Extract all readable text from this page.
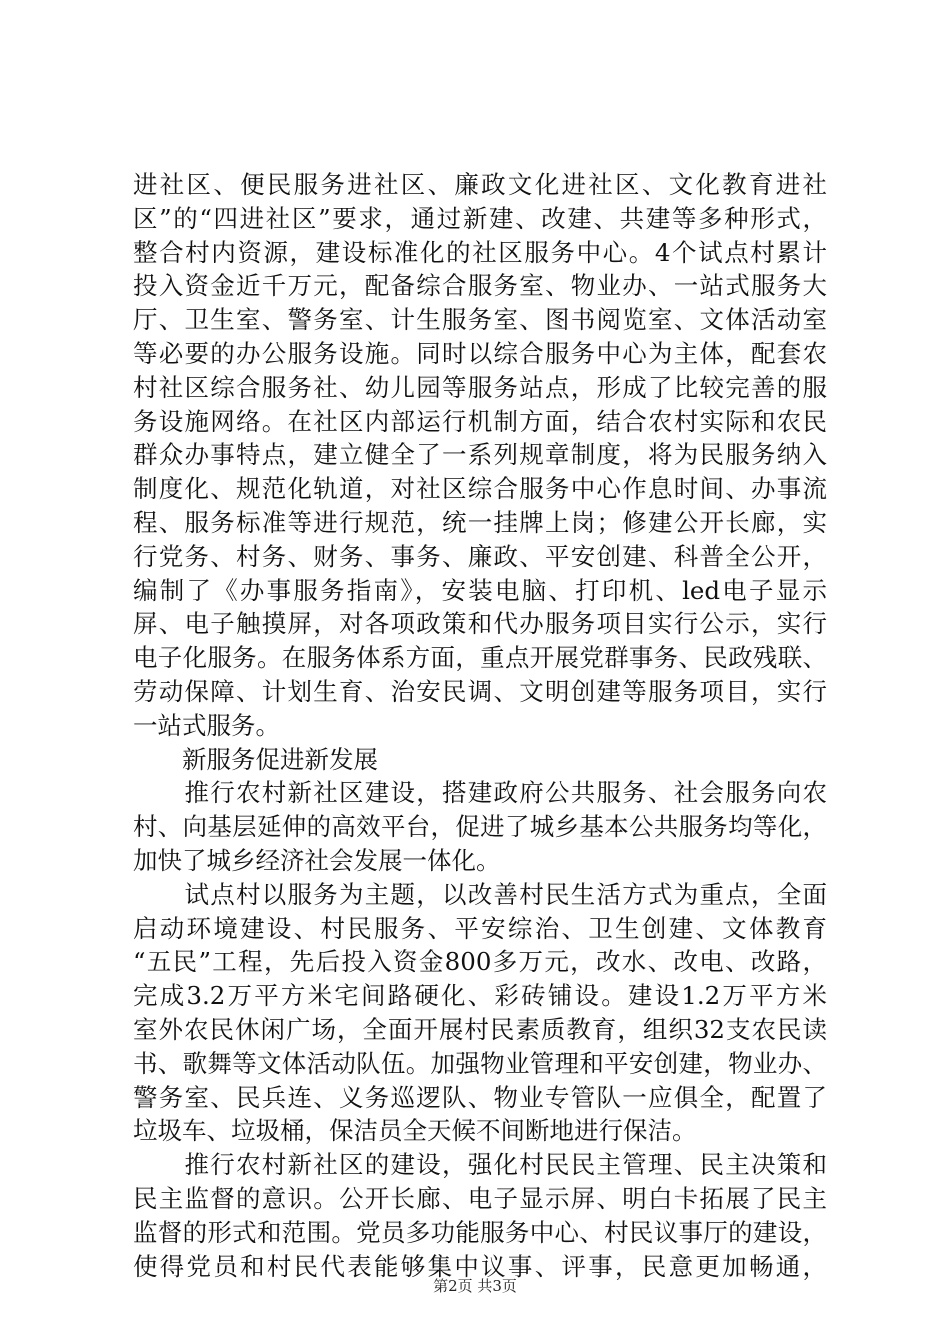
进社区、便民服务进社区、廉政文化进社区、文化教育进社
区”的“四进社区”要求，通过新建、改建、共建等多种形式，
整合村内资源，建设标准化的社区服务中心。4个试点村累计
投入资金近千万元，配备综合服务室、物业办、一站式服务大
厅、卫生室、警务室、计生服务室、图书阅览室、文体活动室
等必要的办公服务设施。同时以综合服务中心为主体，配套农
村社区综合服务社、幼儿园等服务站点，形成了比较完善的服
务设施网络。在社区内部运行机制方面，结合农村实际和农民
群众办事特点，建立健全了一系列规章制度，将为民服务纳入
制度化、规范化轨道，对社区综合服务中心作息时间、办事流
程、服务标准等进行规范，统一挂牌上岗；修建公开长廊，实
行党务、村务、财务、事务、廉政、平安创建、科普全公开，
编制了《办事服务指南》，安装电脑、打印机、led电子显示
屏、电子触摸屏，对各项政策和代办服务项目实行公示，实行
电子化服务。在服务体系方面，重点开展党群事务、民政残联、
劳动保障、计划生育、治安民调、文明创建等服务项目，实行
一站式服务。
　　新服务促进新发展
　　推行农村新社区建设，搭建政府公共服务、社会服务向农
村、向基层延伸的高效平台，促进了城乡基本公共服务均等化，
加快了城乡经济社会发展一体化。
　　试点村以服务为主题，以改善村民生活方式为重点，全面
启动环境建设、村民服务、平安综治、卫生创建、文体教育
“五民”工程，先后投入资金800多万元，改水、改电、改路，
完成3.2万平方米宅间路硬化、彩砖铺设。建设1.2万平方米
室外农民休闲广场，全面开展村民素质教育，组织32支农民读
书、歌舞等文体活动队伍。加强物业管理和平安创建，物业办、
警务室、民兵连、义务巡逻队、物业专管队一应俱全，配置了
垃圾车、垃圾桶，保洁员全天候不间断地进行保洁。
　　推行农村新社区的建设，强化村民民主管理、民主决策和
民主监督的意识。公开长廊、电子显示屏、明白卡拓展了民主
监督的形式和范围。党员多功能服务中心、村民议事厅的建设，
使得党员和村民代表能够集中议事、评事，民意更加畅通，
第2页 共3页
